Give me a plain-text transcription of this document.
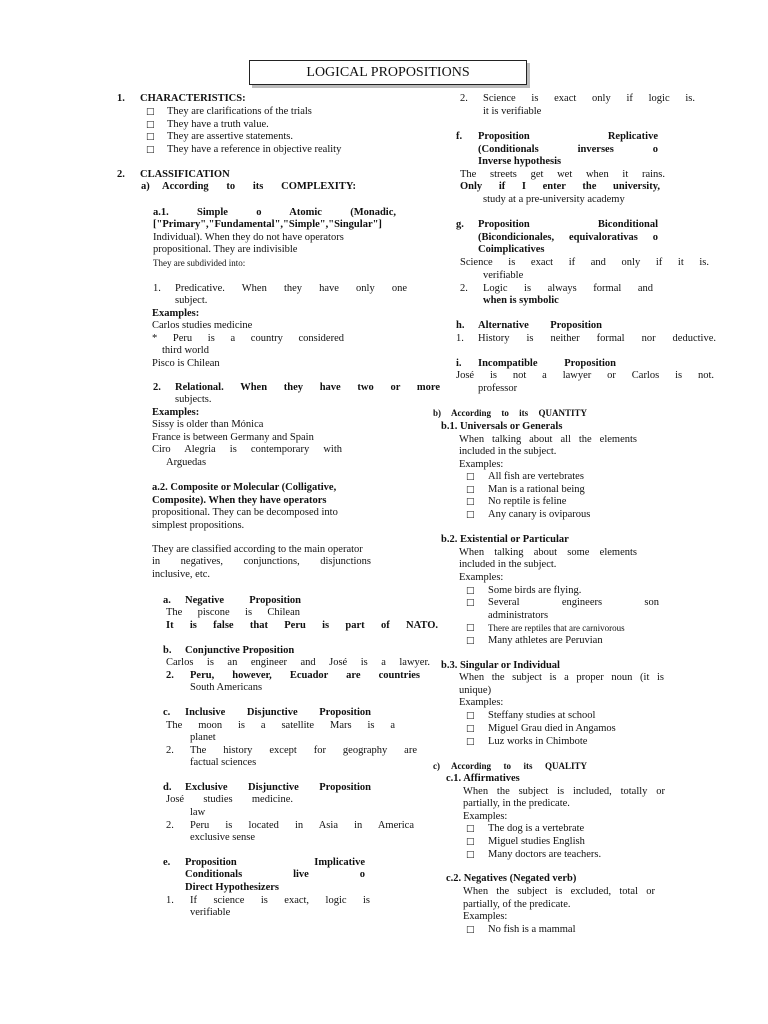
LOGICAL PROPOSITIONS
1. CHARACTERISTICS:
□ They are clarifications of the trials
□ They have a truth value.
□ They are assertive statements.
□ They have a reference in objective reality
2. CLASSIFICATION
a) According to its COMPLEXITY:
a.1. Simple o Atomic (Monadic,
["Primary","Fundamental","Simple","Singular"]
Individual). When they do not have operators
propositional. They are indivisible
They are subdivided into:
1. Predicative. When they have only one
subject.
Examples:
Carlos studies medicine
* Peru is a country considered
third world
Pisco is Chilean
2. Relational. When they have two or more
subjects.
Examples:
Sissy is older than Mónica
France is between Germany and Spain
Ciro Alegria is contemporary with
Arguedas
a.2. Composite or Molecular (Colligative,
Composite). When they have operators
propositional. They can be decomposed into
simplest propositions.
They are classified according to the main operator
in negatives, conjunctions, disjunctions
inclusive, etc.
a. Negative Proposition
The piscone is Chilean
It is false that Peru is part of NATO.
b. Conjunctive Proposition
Carlos is an engineer and José is a lawyer.
2. Peru, however, Ecuador are countries
South Americans
c. Inclusive Disjunctive Proposition
The moon is a satellite Mars is a
planet
2. The history except for geography are
factual sciences
d. Exclusive Disjunctive Proposition
José studies medicine.
law
2. Peru is located in Asia in America
exclusive sense
e. Proposition Implicative
Conditionals live o
Direct Hypothesizers
1. If science is exact, logic is
verifiable
2. Science is exact only if logic is.
it is verifiable
f. Proposition Replicative
(Conditionals inverses o
Inverse hypothesis
The streets get wet when it rains.
Only if I enter the university,
study at a pre-university academy
g. Proposition Biconditional
(Bicondicionales, equivalorativas o
Coimplicatives
Science is exact if and only if it is.
verifiable
2. Logic is always formal and
when is symbolic
h. Alternative Proposition
1. History is neither formal nor deductive.
i. Incompatible Proposition
José is not a lawyer or Carlos is not.
professor
b) According to its QUANTITY
b.1. Universals or Generals
When talking about all the elements
included in the subject.
Examples:
□ All fish are vertebrates
□ Man is a rational being
□ No reptile is feline
□ Any canary is oviparous
b.2. Existential or Particular
When talking about some elements
included in the subject.
Examples:
□ Some birds are flying.
□ Several engineers son
administrators
□ There are reptiles that are carnivorous
□ Many athletes are Peruvian
b.3. Singular or Individual
When the subject is a proper noun (it is
unique)
Examples:
□ Steffany studies at school
□ Miguel Grau died in Angamos
□ Luz works in Chimbote
c) According to its QUALITY
c.1. Affirmatives
When the subject is included, totally or
partially, in the predicate.
Examples:
□ The dog is a vertebrate
□ Miguel studies English
□ Many doctors are teachers.
c.2. Negatives (Negated verb)
When the subject is excluded, total or
partially, of the predicate.
Examples:
□ No fish is a mammal
